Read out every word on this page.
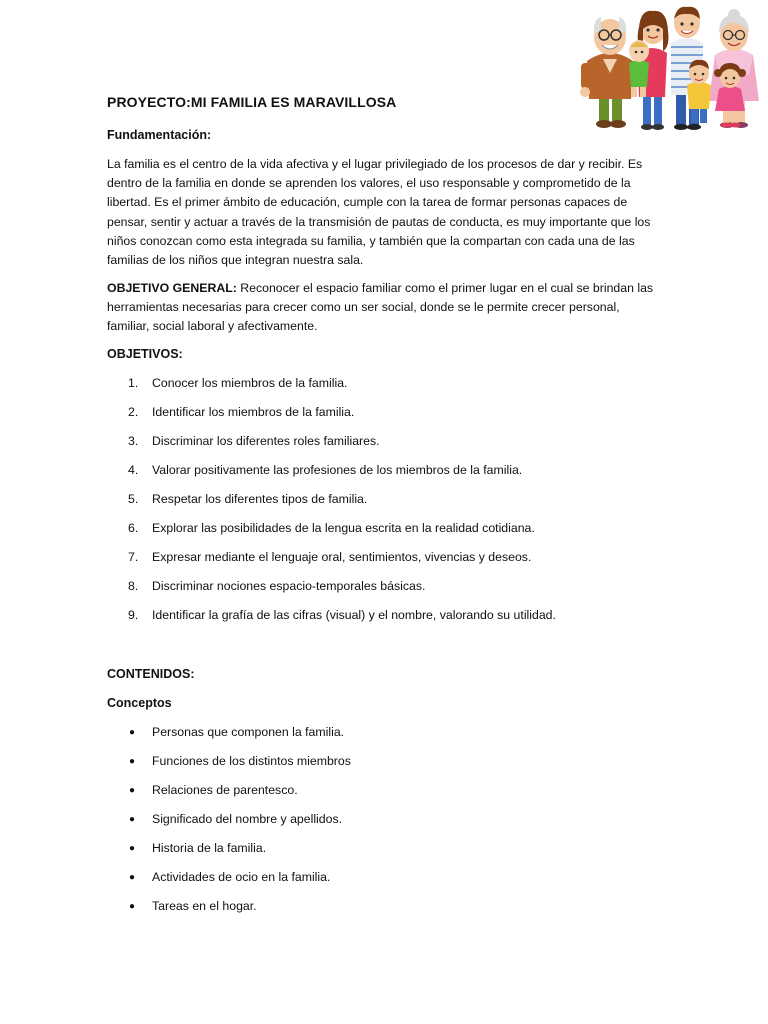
PROYECTO:MI FAMILIA ES MARAVILLOSA
Fundamentación:
La familia es el centro de la vida afectiva y el lugar privilegiado de los procesos de dar y recibir. Es dentro de la familia en donde se aprenden los valores, el uso responsable y comprometido de la libertad. Es el primer ámbito de educación, cumple con la tarea de formar personas capaces de pensar, sentir y actuar a través de la transmisión de pautas de conducta, es muy importante que los niños conozcan como esta integrada su familia, y también que la compartan con cada una de las familias de los niños que integran nuestra sala.
OBJETIVO GENERAL: Reconocer el espacio familiar como el primer lugar en el cual se brindan las herramientas necesarias para crecer como un ser social, donde se le permite crecer personal, familiar, social laboral y afectivamente.
OBJETIVOS:
1.	Conocer los miembros de la familia.
2.	Identificar los miembros de la familia.
3.	Discriminar los diferentes roles familiares.
4.	Valorar positivamente las profesiones de los miembros de la familia.
5.	Respetar los diferentes tipos de familia.
6.	Explorar las posibilidades de la lengua escrita en la realidad cotidiana.
7.	Expresar mediante el lenguaje oral, sentimientos, vivencias y deseos.
8.	Discriminar nociones espacio-temporales básicas.
9.	Identificar la grafía de las cifras (visual) y el nombre, valorando su utilidad.
CONTENIDOS:
Conceptos
●	Personas que componen la familia.
●	Funciones de los distintos miembros
●	Relaciones de parentesco.
●	Significado del nombre y apellidos.
●	Historia de la familia.
●	Actividades de ocio en la familia.
●	Tareas en el hogar.
